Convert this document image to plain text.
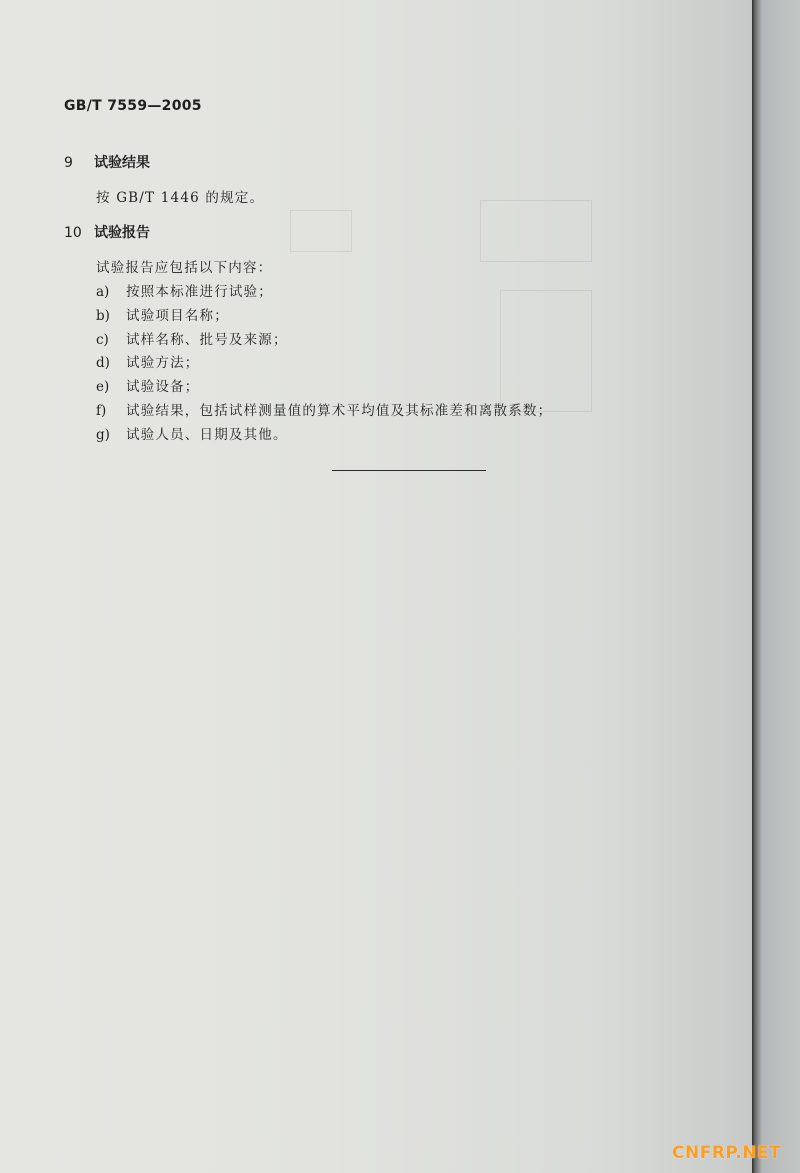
GB/T 7559—2005
9 试验结果
按 GB/T 1446 的规定。
10 试验报告
试验报告应包括以下内容：
a) 按照本标准进行试验；
b) 试验项目名称；
c) 试样名称、批号及来源；
d) 试验方法；
e) 试验设备；
f) 试验结果，包括试样测量值的算术平均值及其标准差和离散系数；
g) 试验人员、日期及其他。
CNFRP.NET
